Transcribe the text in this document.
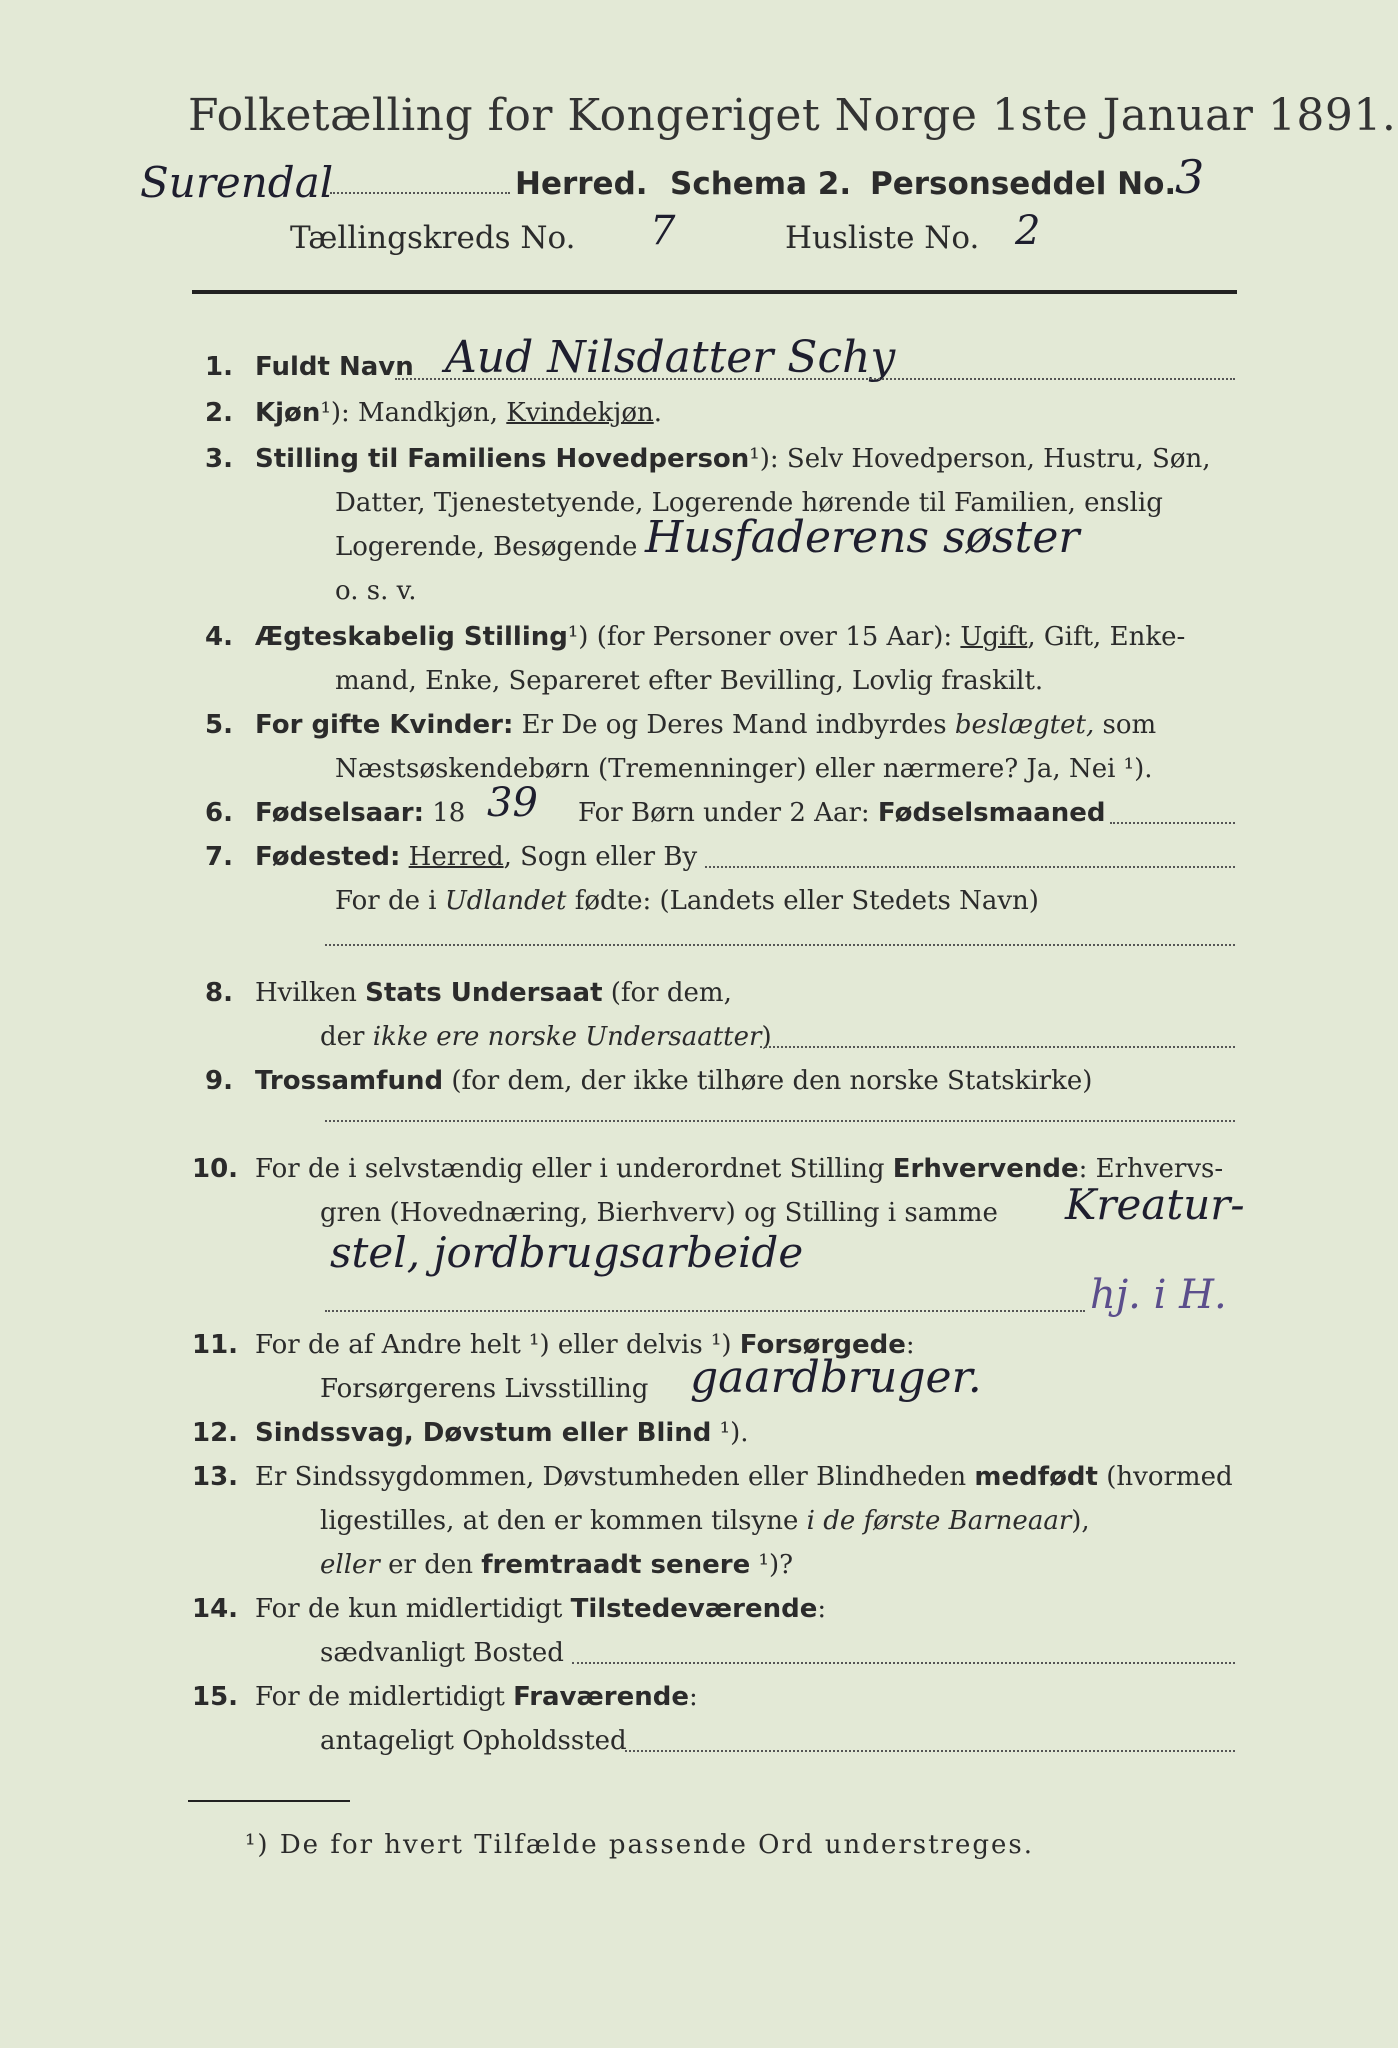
Folketælling for Kongeriget Norge 1ste Januar 1891.
Surendal	Herred. Schema 2. Personseddel No.
3
Tællingskreds No. 7	Husliste No. 2
1. Fuldt Navn Aud Nilsdatter Schy
2. Kjøn¹): Mandkjøn, Kvindekjøn.
3. Stilling til Familiens Hovedperson¹): Selv Hovedperson, Hustru, Søn,
Datter, Tjenestetyende, Logerende hørende til Familien, enslig
Logerende, Besøgende Husfaderens søster
o. s. v.
4. Ægteskabelig Stilling¹) (for Personer over 15 Aar): Ugift, Gift, Enke-
mand, Enke, Separeret efter Bevilling, Lovlig fraskilt.
5. For gifte Kvinder: Er De og Deres Mand indbyrdes beslægtet, som
Næstsøskendebørn (Tremenninger) eller nærmere? Ja, Nei ¹).
6. Fødselsaar: 18 39 For Børn under 2 Aar: Fødselsmaaned
7. Fødested: Herred, Sogn eller By
For de i Udlandet fødte: (Landets eller Stedets Navn)
8. Hvilken Stats Undersaat (for dem,
der ikke ere norske Undersaatter)
9. Trossamfund (for dem, der ikke tilhøre den norske Statskirke)
10. For de i selvstændig eller i underordnet Stilling Erhvervende: Erhvervs-
gren (Hovednæring, Bierhverv) og Stilling i samme Kreatur-
stel, jordbrugsarbeide
hj. i H.
11. For de af Andre helt ¹) eller delvis ¹) Forsørgede:
Forsørgerens Livsstilling gaardbruger.
12. Sindssvag, Døvstum eller Blind ¹).
13. Er Sindssygdommen, Døvstumheden eller Blindheden medfødt (hvormed
ligestilles, at den er kommen tilsyne i de første Barneaar),
eller er den fremtraadt senere ¹)?
14. For de kun midlertidigt Tilstedeværende:
sædvanligt Bosted
15. For de midlertidigt Fraværende:
antageligt Opholdssted
¹) De for hvert Tilfælde passende Ord understreges.
